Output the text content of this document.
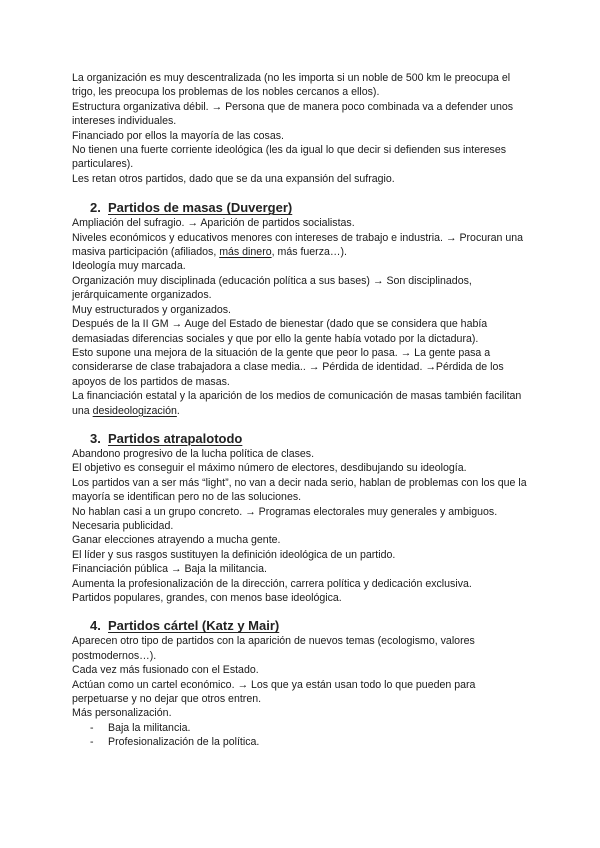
La organización es muy descentralizada (no les importa si un noble de 500 km le preocupa el trigo, les preocupa los problemas de los nobles cercanos a ellos).

Estructura organizativa débil. → Persona que de manera poco combinada va a defender unos intereses individuales.

Financiado por ellos la mayoría de las cosas.

No tienen una fuerte corriente ideológica (les da igual lo que decir si defienden sus intereses particulares).

Les retan otros partidos, dado que se da una expansión del sufragio.

2. Partidos de masas (Duverger)

Ampliación del sufragio. → Aparición de partidos socialistas.

Niveles económicos y educativos menores con intereses de trabajo e industria. → Procuran una masiva participación (afiliados, más dinero, más fuerza…).

Ideología muy marcada.

Organización muy disciplinada (educación política a sus bases) → Son disciplinados, jerárquicamente organizados.

Muy estructurados y organizados.

Después de la II GM → Auge del Estado de bienestar (dado que se considera que había demasiadas diferencias sociales y que por ello la gente había votado por la dictadura).

Esto supone una mejora de la situación de la gente que peor lo pasa. → La gente pasa a considerarse de clase trabajadora a clase media.. → Pérdida de identidad. →Pérdida de los apoyos de los partidos de masas.

La financiación estatal y la aparición de los medios de comunicación de masas también facilitan una desideologización.

3. Partidos atrapalotodo

Abandono progresivo de la lucha política de clases.

El objetivo es conseguir el máximo número de electores, desdibujando su ideología.

Los partidos van a ser más “light”, no van a decir nada serio, hablan de problemas con los que la mayoría se identifican pero no de las soluciones.

No hablan casi a un grupo concreto. → Programas electorales muy generales y ambiguos.

Necesaria publicidad.

Ganar elecciones atrayendo a mucha gente.

El líder y sus rasgos sustituyen la definición ideológica de un partido.

Financiación pública → Baja la militancia.

Aumenta la profesionalización de la dirección, carrera política y dedicación exclusiva.

Partidos populares, grandes, con menos base ideológica.

4. Partidos cártel (Katz y Mair)

Aparecen otro tipo de partidos con la aparición de nuevos temas (ecologismo, valores postmodernos…).

Cada vez más fusionado con el Estado.

Actúan como un cartel económico. → Los que ya están usan todo lo que pueden para perpetuarse y no dejar que otros entren.

Más personalización.

- Baja la militancia.

- Profesionalización de la política.
